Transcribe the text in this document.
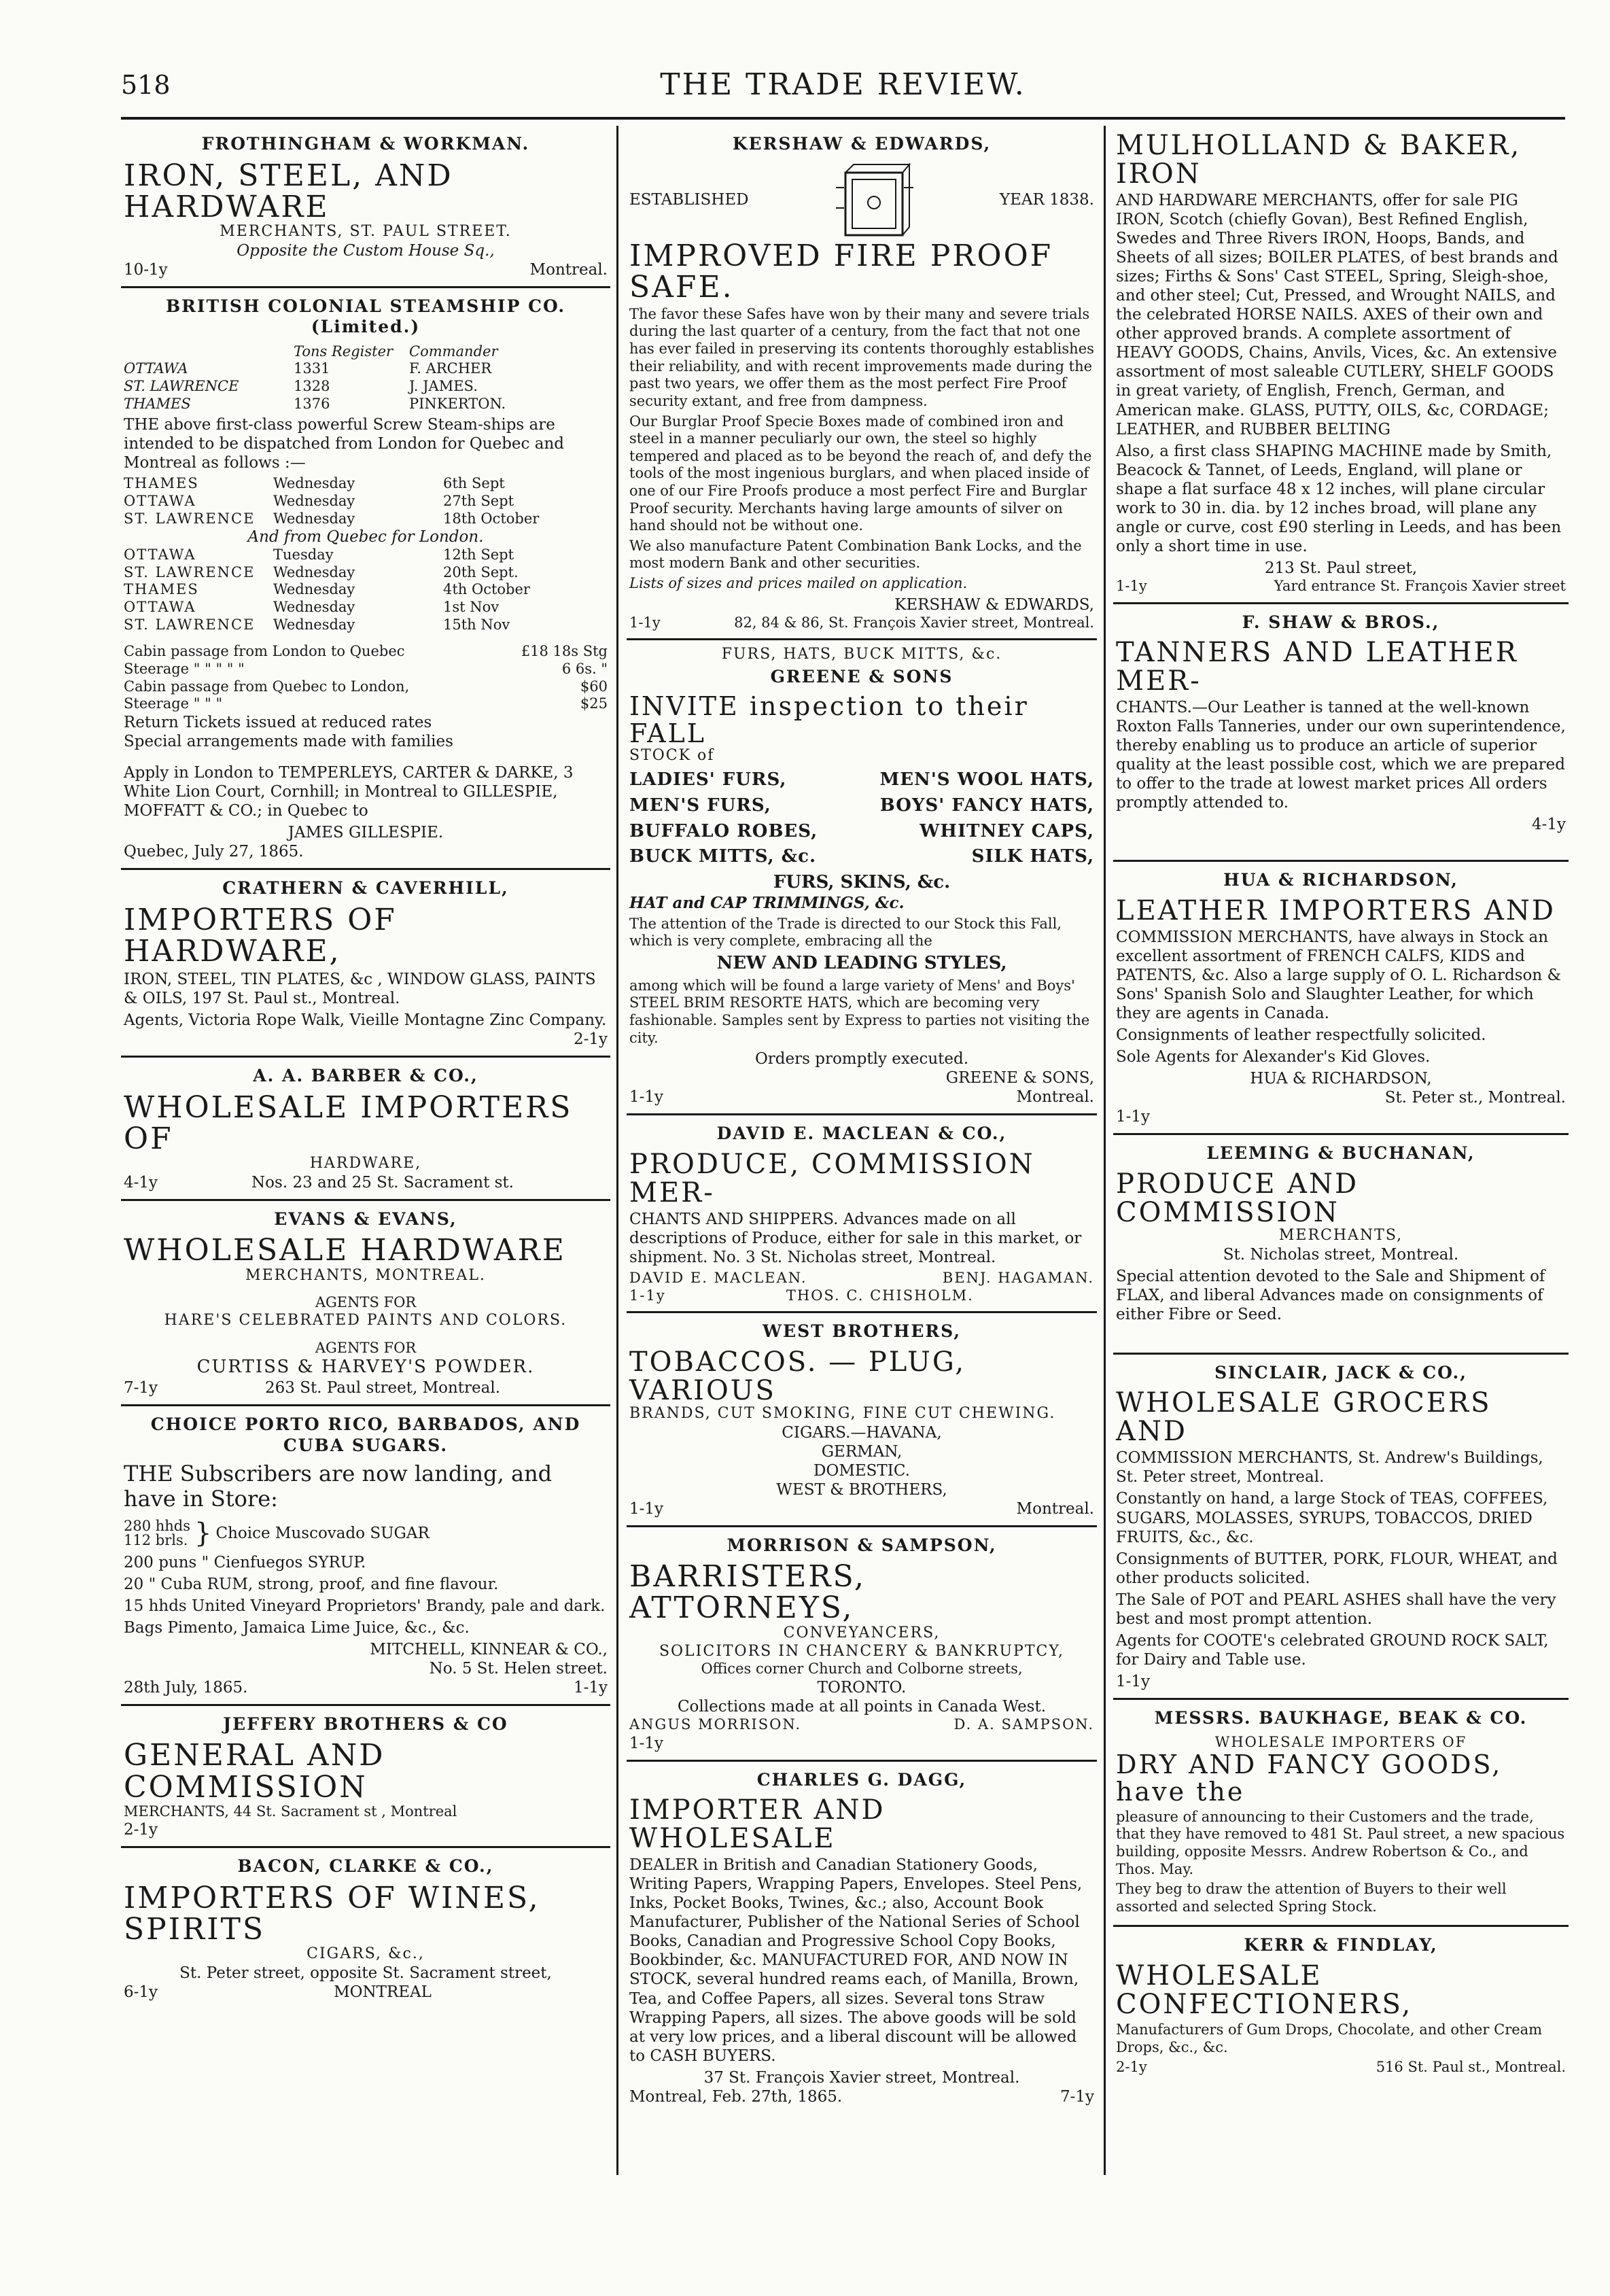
518	THE TRADE REVIEW.
FROTHINGHAM & WORKMAN.
IRON, STEEL, AND HARDWARE
MERCHANTS, ST. PAUL STREET.
Opposite the Custom House Sq.,
10-1y	Montreal.
BRITISH COLONIAL STEAMSHIP CO. (Limited.)
Tons Register	Commander
OTTAWA	1331	F. ARCHER
ST. LAWRENCE	1328	J. JAMES.
THAMES	1376	PINKERTON.

THE above first-class powerful Screw Steam-ships are intended to be dispatched from London for Quebec and Montreal as follows :—

THAMES	Wednesday	6th Sept
OTTAWA	Wednesday	27th Sept
ST. LAWRENCE	Wednesday	18th October
And from Quebec for London.
OTTAWA	Tuesday	12th Sept
ST. LAWRENCE	Wednesday	20th Sept.
THAMES	Wednesday	4th October
OTTAWA	Wednesday	1st Nov
ST. LAWRENCE	Wednesday	15th Nov
Cabin passage from London to Quebec	£18 18s Stg
Steerage " " " " "	6 6s. "
Cabin passage from Quebec to London,	$60
Steerage " " "	$25
Return Tickets issued at reduced rates
Special arrangements made with families

Apply in London to TEMPERLEYS, CARTER & DARKE, 3 White Lion Court, Cornhill; in Montreal to GILLESPIE, MOFFATT & CO.; in Quebec to

JAMES GILLESPIE.
Quebec, July 27, 1865.
CRATHERN & CAVERHILL,
IMPORTERS OF HARDWARE,

IRON, STEEL, TIN PLATES, &c , WINDOW GLASS, PAINTS & OILS, 197 St. Paul st., Montreal.

Agents, Victoria Rope Walk, Vieille Montagne Zinc Company.
2-1y
A. A. BARBER & CO.,
WHOLESALE IMPORTERS OF
HARDWARE,
4-1y	Nos. 23 and 25 St. Sacrament st.
EVANS & EVANS,
WHOLESALE HARDWARE
MERCHANTS, MONTREAL.
AGENTS FOR
HARE'S CELEBRATED PAINTS AND COLORS.
AGENTS FOR
CURTISS & HARVEY'S POWDER.
7-1y	263 St. Paul street, Montreal.
CHOICE PORTO RICO, BARBADOS, AND CUBA SUGARS.
THE Subscribers are now landing, and have in Store:
280 hhds
112 brls. } Choice Muscovado SUGAR

200 puns " Cienfuegos SYRUP.

20 " Cuba RUM, strong, proof, and fine flavour.

15 hhds United Vineyard Proprietors' Brandy, pale and dark.

Bags Pimento, Jamaica Lime Juice, &c., &c.

MITCHELL, KINNEAR & CO.,
No. 5 St. Helen street.
28th July, 1865.	1-1y
JEFFERY BROTHERS & CO
GENERAL AND COMMISSION
MERCHANTS, 44 St. Sacrament st , Montreal
2-1y
BACON, CLARKE & CO.,
IMPORTERS OF WINES, SPIRITS
CIGARS, &c.,
St. Peter street, opposite St. Sacrament street,
6-1y	MONTREAL
KERSHAW & EDWARDS,
ESTABLISHED	YEAR 1838.
IMPROVED FIRE PROOF SAFE.

The favor these Safes have won by their many and severe trials during the last quarter of a century, from the fact that not one has ever failed in preserving its contents thoroughly establishes their reliability, and with recent improvements made during the past two years, we offer them as the most perfect Fire Proof security extant, and free from dampness.

Our Burglar Proof Specie Boxes made of combined iron and steel in a manner peculiarly our own, the steel so highly tempered and placed as to be beyond the reach of, and defy the tools of the most ingenious burglars, and when placed inside of one of our Fire Proofs produce a most perfect Fire and Burglar Proof security. Merchants having large amounts of silver on hand should not be without one.

We also manufacture Patent Combination Bank Locks, and the most modern Bank and other securities.

Lists of sizes and prices mailed on application.

KERSHAW & EDWARDS,
1-1y	82, 84 & 86, St. François Xavier street, Montreal.
FURS, HATS, BUCK MITTS, &c.
GREENE & SONS
INVITE inspection to their FALL
STOCK of
LADIES' FURS,	MEN'S WOOL HATS,
MEN'S FURS,	BOYS' FANCY HATS,
BUFFALO ROBES,	WHITNEY CAPS,
BUCK MITTS, &c.	SILK HATS,
FURS, SKINS, &c.
HAT and CAP TRIMMINGS, &c.

The attention of the Trade is directed to our Stock this Fall, which is very complete, embracing all the

NEW AND LEADING STYLES,

among which will be found a large variety of Mens' and Boys' STEEL BRIM RESORTE HATS, which are becoming very fashionable. Samples sent by Express to parties not visiting the city.

Orders promptly executed.
GREENE & SONS,
1-1y	Montreal.
DAVID E. MACLEAN & CO.,
PRODUCE, COMMISSION MER-

CHANTS AND SHIPPERS. Advances made on all descriptions of Produce, either for sale in this market, or shipment. No. 3 St. Nicholas street, Montreal.

DAVID E. MACLEAN.	BENJ. HAGAMAN.
1-1y	THOS. C. CHISHOLM.
WEST BROTHERS,
TOBACCOS. — PLUG, VARIOUS
BRANDS, CUT SMOKING, FINE CUT CHEWING.
CIGARS.—HAVANA,
GERMAN,
DOMESTIC.
WEST & BROTHERS,
1-1y	Montreal.
MORRISON & SAMPSON,
BARRISTERS, ATTORNEYS,
CONVEYANCERS,
SOLICITORS IN CHANCERY & BANKRUPTCY,
Offices corner Church and Colborne streets,
TORONTO.
Collections made at all points in Canada West.
ANGUS MORRISON.	D. A. SAMPSON.
1-1y
CHARLES G. DAGG,
IMPORTER AND WHOLESALE

DEALER in British and Canadian Stationery Goods, Writing Papers, Wrapping Papers, Envelopes. Steel Pens, Inks, Pocket Books, Twines, &c.; also, Account Book Manufacturer, Publisher of the National Series of School Books, Canadian and Progressive School Copy Books, Bookbinder, &c. MANUFACTURED FOR, AND NOW IN STOCK, several hundred reams each, of Manilla, Brown, Tea, and Coffee Papers, all sizes. Several tons Straw Wrapping Papers, all sizes. The above goods will be sold at very low prices, and a liberal discount will be allowed to CASH BUYERS.

37 St. François Xavier street, Montreal.
Montreal, Feb. 27th, 1865.	7-1y
MULHOLLAND & BAKER, IRON

AND HARDWARE MERCHANTS, offer for sale PIG IRON, Scotch (chiefly Govan), Best Refined English, Swedes and Three Rivers IRON, Hoops, Bands, and Sheets of all sizes; BOILER PLATES, of best brands and sizes; Firths & Sons' Cast STEEL, Spring, Sleigh-shoe, and other steel; Cut, Pressed, and Wrought NAILS, and the celebrated HORSE NAILS. AXES of their own and other approved brands. A complete assortment of HEAVY GOODS, Chains, Anvils, Vices, &c. An extensive assortment of most saleable CUTLERY, SHELF GOODS in great variety, of English, French, German, and American make. GLASS, PUTTY, OILS, &c, CORDAGE; LEATHER, and RUBBER BELTING

Also, a first class SHAPING MACHINE made by Smith, Beacock & Tannet, of Leeds, England, will plane or shape a flat surface 48 x 12 inches, will plane circular work to 30 in. dia. by 12 inches broad, will plane any angle or curve, cost £90 sterling in Leeds, and has been only a short time in use.

213 St. Paul street,
1-1y	Yard entrance St. François Xavier street
F. SHAW & BROS.,
TANNERS AND LEATHER MER-

CHANTS.—Our Leather is tanned at the well-known Roxton Falls Tanneries, under our own superintendence, thereby enabling us to produce an article of superior quality at the least possible cost, which we are prepared to offer to the trade at lowest market prices All orders promptly attended to.

4-1y
HUA & RICHARDSON,
LEATHER IMPORTERS AND

COMMISSION MERCHANTS, have always in Stock an excellent assortment of FRENCH CALFS, KIDS and PATENTS, &c. Also a large supply of O. L. Richardson & Sons' Spanish Solo and Slaughter Leather, for which they are agents in Canada.

Consignments of leather respectfully solicited.

Sole Agents for Alexander's Kid Gloves.

HUA & RICHARDSON,
St. Peter st., Montreal.
1-1y
LEEMING & BUCHANAN,
PRODUCE AND COMMISSION
MERCHANTS,
St. Nicholas street, Montreal.

Special attention devoted to the Sale and Shipment of FLAX, and liberal Advances made on consignments of either Fibre or Seed.

SINCLAIR, JACK & CO.,
WHOLESALE GROCERS AND

COMMISSION MERCHANTS, St. Andrew's Buildings, St. Peter street, Montreal.

Constantly on hand, a large Stock of TEAS, COFFEES, SUGARS, MOLASSES, SYRUPS, TOBACCOS, DRIED FRUITS, &c., &c.

Consignments of BUTTER, PORK, FLOUR, WHEAT, and other products solicited.

The Sale of POT and PEARL ASHES shall have the very best and most prompt attention.

Agents for COOTE's celebrated GROUND ROCK SALT, for Dairy and Table use.

1-1y
MESSRS. BAUKHAGE, BEAK & CO.
WHOLESALE IMPORTERS OF
DRY AND FANCY GOODS, have the

pleasure of announcing to their Customers and the trade, that they have removed to 481 St. Paul street, a new spacious building, opposite Messrs. Andrew Robertson & Co., and Thos. May.

They beg to draw the attention of Buyers to their well assorted and selected Spring Stock.

KERR & FINDLAY,
WHOLESALE CONFECTIONERS,

Manufacturers of Gum Drops, Chocolate, and other Cream Drops, &c., &c.

2-1y	516 St. Paul st., Montreal.
